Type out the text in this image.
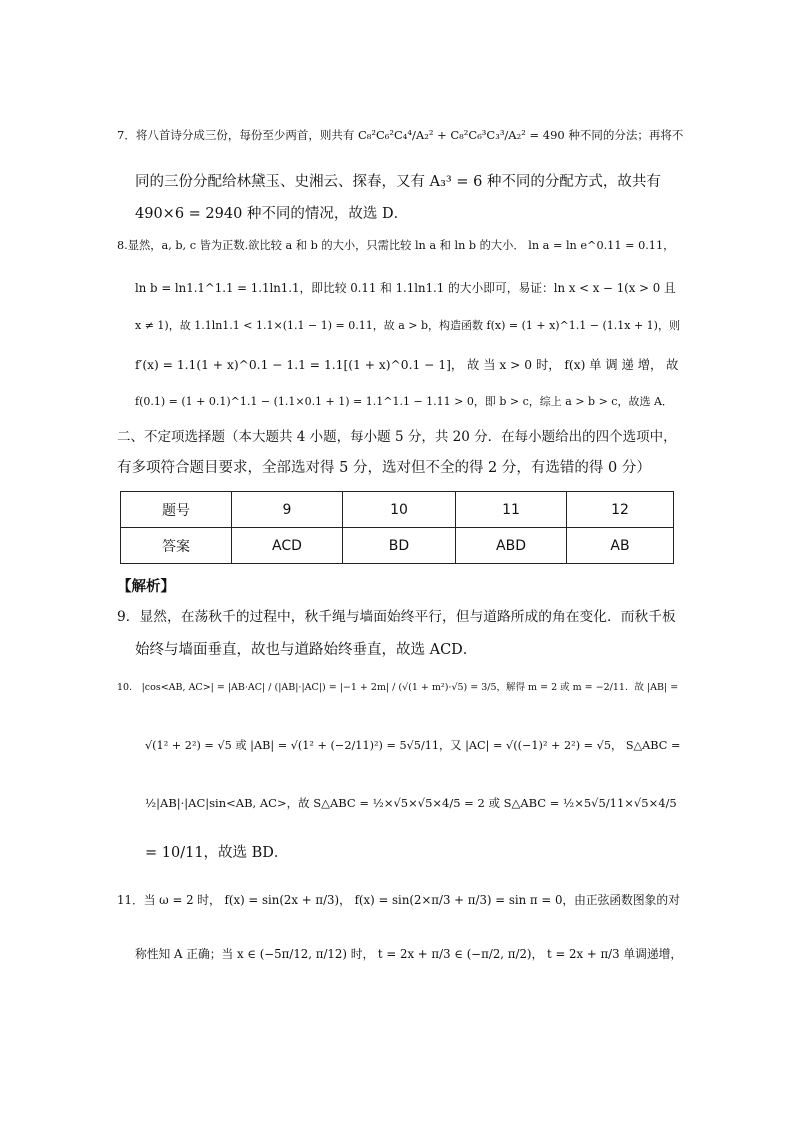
7．将八首诗分成三份，每份至少两首，则共有 C₈²C₆²C₄⁴/A₂² + C₈²C₆³C₃³/A₂² = 490 种不同的分法；再将不
同的三份分配给林黛玉、史湘云、探春，又有 A₃³ = 6 种不同的分配方式，故共有
490×6 = 2940 种不同的情况，故选 D．
8.显然，a, b, c 皆为正数.欲比较 a 和 b 的大小，只需比较 ln a 和 ln b 的大小． ln a = ln e^0.11 = 0.11，
ln b = ln1.1^1.1 = 1.1ln1.1，即比较 0.11 和 1.1ln1.1 的大小即可，易证：ln x < x − 1(x > 0 且
x ≠ 1)，故 1.1ln1.1 < 1.1×(1.1 − 1) = 0.11，故 a > b，构造函数 f(x) = (1 + x)^1.1 − (1.1x + 1)，则
f′(x) = 1.1(1 + x)^0.1 − 1.1 = 1.1[(1 + x)^0.1 − 1]， 故 当 x > 0 时， f(x) 单 调 递 增， 故
f(0.1) = (1 + 0.1)^1.1 − (1.1×0.1 + 1) = 1.1^1.1 − 1.11 > 0，即 b > c，综上 a > b > c，故选 A．
二、不定项选择题（本大题共 4 小题，每小题 5 分，共 20 分．在每小题给出的四个选项中，
有多项符合题目要求，全部选对得 5 分，选对但不全的得 2 分，有选错的得 0 分）
题号	9	10	11	12
答案	ACD	BD	ABD	AB
【解析】
9．显然，在荡秋千的过程中，秋千绳与墙面始终平行，但与道路所成的角在变化．而秋千板
始终与墙面垂直，故也与道路始终垂直，故选 ACD．
10． |cos<AB, AC>| = |AB·AC| / (|AB|·|AC|) = |−1 + 2m| / (√(1 + m²)·√5) = 3/5，解得 m = 2 或 m = −2/11．故 |AB| =
√(1² + 2²) = √5 或 |AB| = √(1² + (−2/11)²) = 5√5/11，又 |AC| = √((−1)² + 2²) = √5， S△ABC =
½|AB|·|AC|sin<AB, AC>，故 S△ABC = ½×√5×√5×4/5 = 2 或 S△ABC = ½×5√5/11×√5×4/5
= 10/11，故选 BD．
11．当 ω = 2 时， f(x) = sin(2x + π/3)， f(x) = sin(2×π/3 + π/3) = sin π = 0，由正弦函数图象的对
称性知 A 正确；当 x ∈ (−5π/12, π/12) 时， t = 2x + π/3 ∈ (−π/2, π/2)， t = 2x + π/3 单调递增，
